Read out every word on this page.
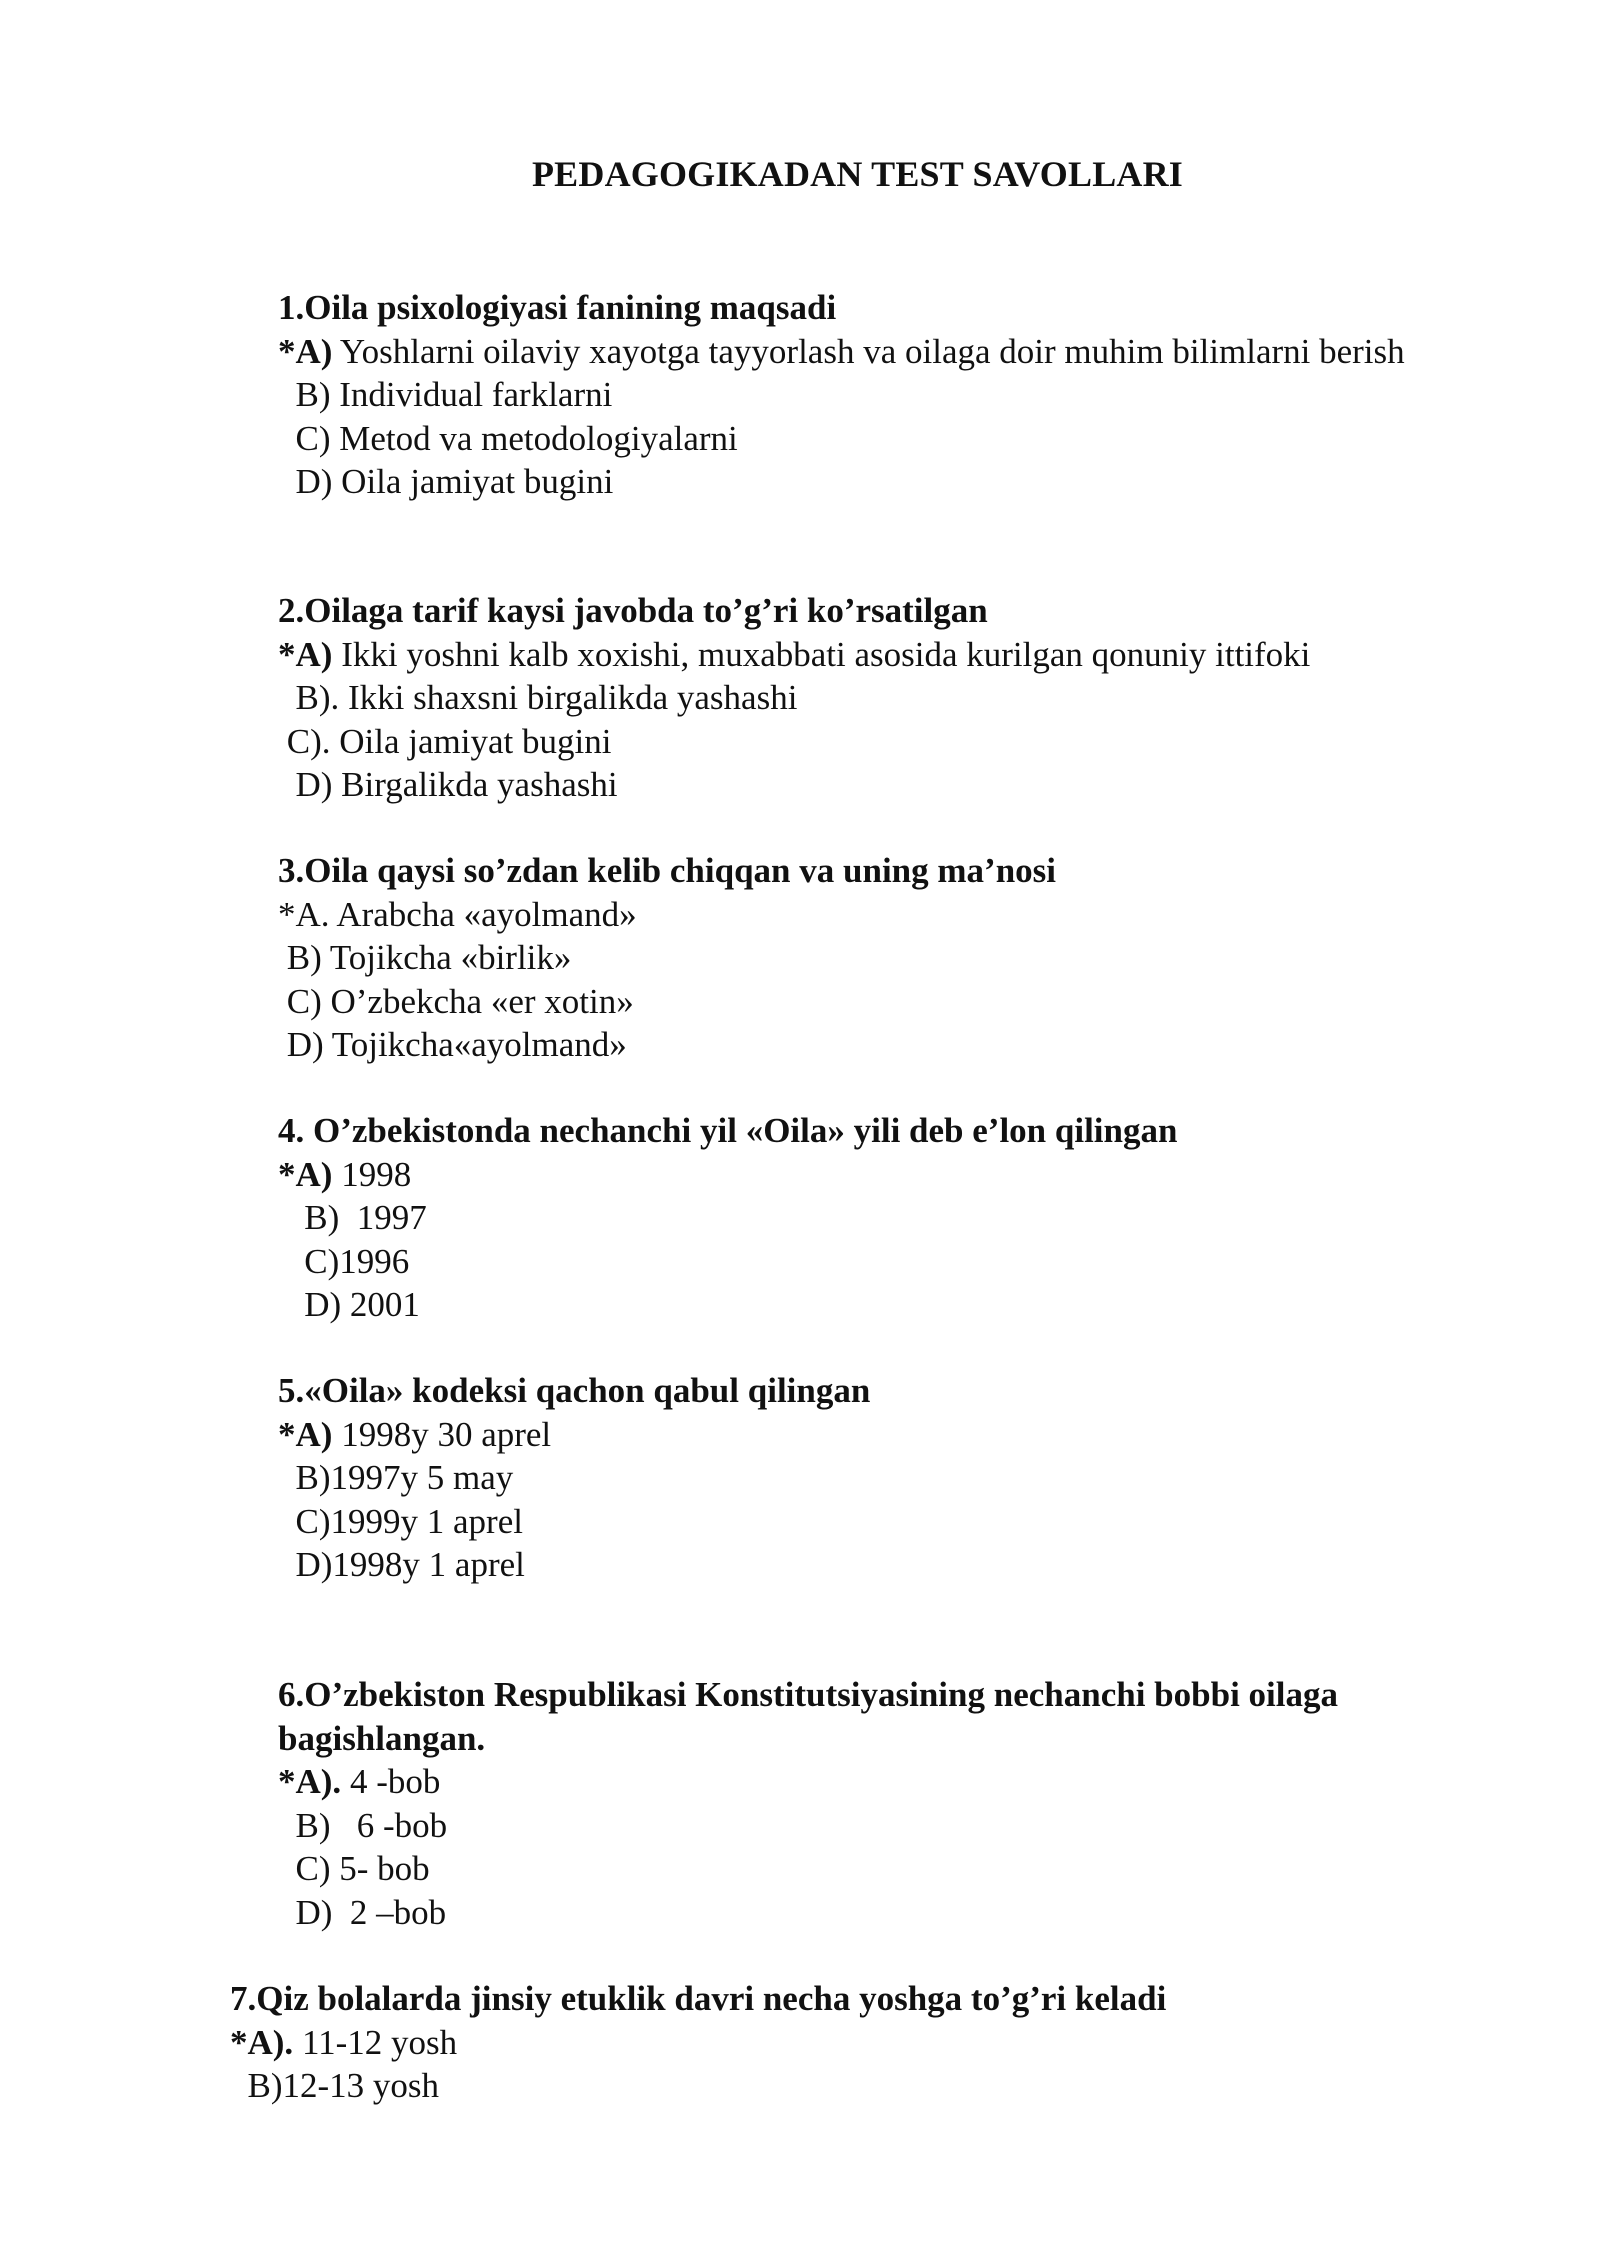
PEDAGOGIKADAN TEST SAVOLLARI
1.Oila psixologiyasi fanining maqsadi
*A) Yoshlarni oilaviy xayotga tayyorlash va oilaga doir muhim bilimlarni berish
B) Individual farklarni
C) Metod va metodologiyalarni
D) Oila jamiyat bugini
2.Oilaga tarif kaysi javobda to’g’ri ko’rsatilgan
*A) Ikki yoshni kalb xoxishi, muxabbati asosida kurilgan qonuniy ittifoki
B). Ikki shaxsni birgalikda yashashi
C). Oila jamiyat bugini
D) Birgalikda yashashi
3.Oila qaysi so’zdan kelib chiqqan va uning ma’nosi
*A. Arabcha «ayolmand»
B) Tojikcha «birlik»
C) O’zbekcha «er xotin»
D) Tojikcha«ayolmand»
4. O’zbekistonda nechanchi yil «Oila» yili deb e’lon qilingan
*A) 1998
B)  1997
C)1996
D) 2001
5.«Oila» kodeksi qachon qabul qilingan
*A) 1998y 30 aprel
B)1997y 5 may
C)1999y 1 aprel
D)1998y 1 aprel
6.O’zbekiston Respublikasi Konstitutsiyasining nechanchi bobbi oilaga bagishlangan.
*A). 4 -bob
B)   6 -bob
C) 5- bob
D)  2 –bob
7.Qiz bolalarda jinsiy etuklik davri necha yoshga to’g’ri keladi
*A). 11-12 yosh
B)12-13 yosh
